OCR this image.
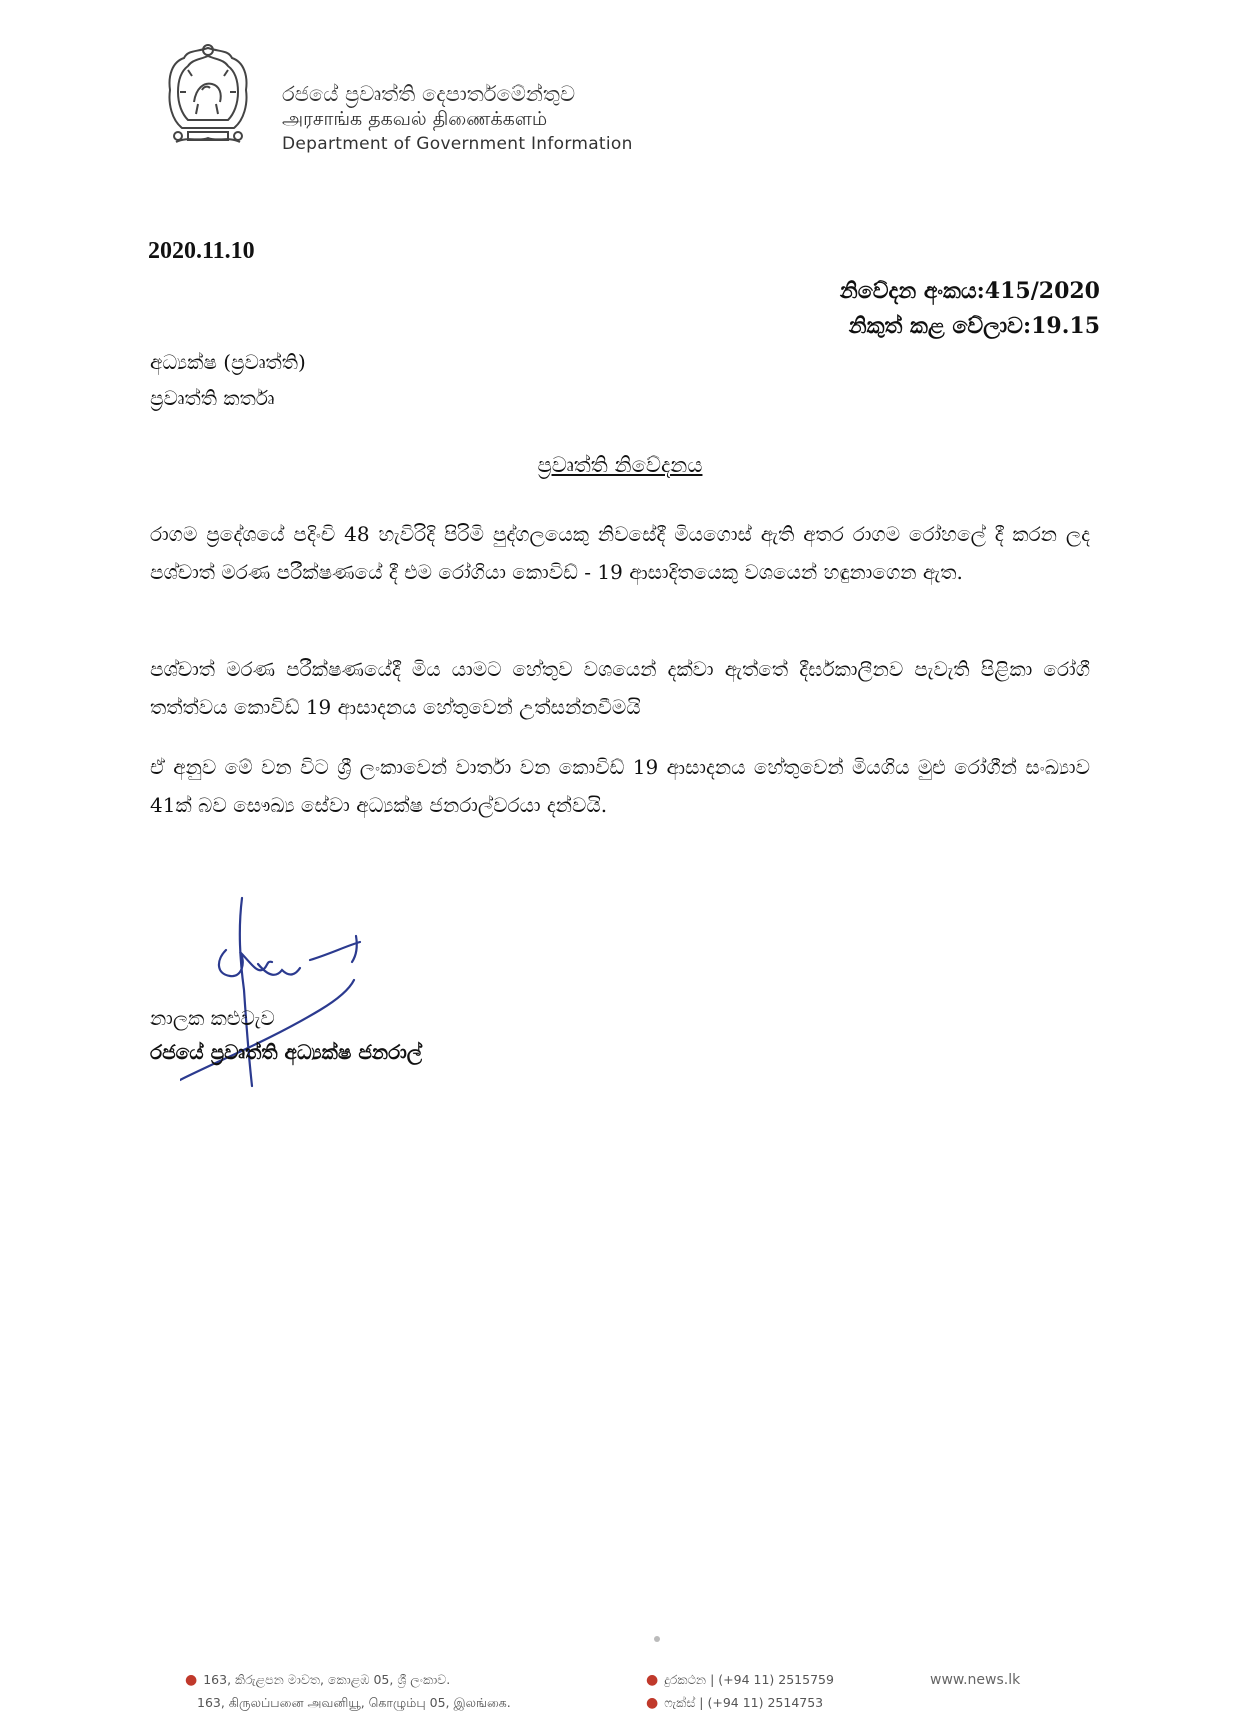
රජයේ ප්‍රවෘත්ති දෙපාර්තමේන්තුව
அரசாங்க தகவல் திணைக்களம்
Department of Government Information
2020.11.10
නිවේදන අංකය:415/2020
නිකුත් කළ වේලාව:19.15
අධ්‍යක්ෂ (ප්‍රවෘත්ති)
ප්‍රවෘත්ති කර්තෘ
ප්‍රවෘත්ති නිවේදනය
රාගම ප්‍රදේශයේ පදිංචි 48 හැවිරිදි පිරිමි පුද්ගලයෙකු නිවසේදී මියගොස් ඇති අතර රාගම රෝහලේ දී කරන ලද පශ්චාත් මරණ පරීක්ෂණයේ දී එම රෝගියා කොවිඩ් - 19 ආසාදිතයෙකු වශයෙන් හඳුනාගෙන ඇත.
පශ්චාත් මරණ පරීක්ෂණයේදී මිය යාමට හේතුව වශයෙන් දක්වා ඇත්තේ දීර්ඝකාලීනව පැවැති පිළිකා රෝගී තත්ත්වය කොවිඩ් 19 ආසාදනය හේතුවෙන් උත්සන්නවීමයි
ඒ අනුව මේ වන විට ශ්‍රී ලංකාවෙන් වාර්තා වන කොවිඩ් 19 ආසාදනය හේතුවෙන් මියගිය මුළු රෝගීන් සංඛ්‍යාව 41ක් බව සෞඛ්‍ය සේවා අධ්‍යක්ෂ ජනරාල්වරයා දන්වයි.
නාලක කළුවැව
රජයේ ප්‍රවෘත්ති අධ්‍යක්ෂ ජනරාල්
● 163, කිරුළපන මාවත, කොළඹ 05, ශ්‍රී ලංකාව.
163, கிருலப்பனை அவனியூ, கொழும்பு 05, இலங்கை.
● දුරකථන | (+94 11) 2515759
● ෆැක්ස් | (+94 11) 2514753
www.news.lk
